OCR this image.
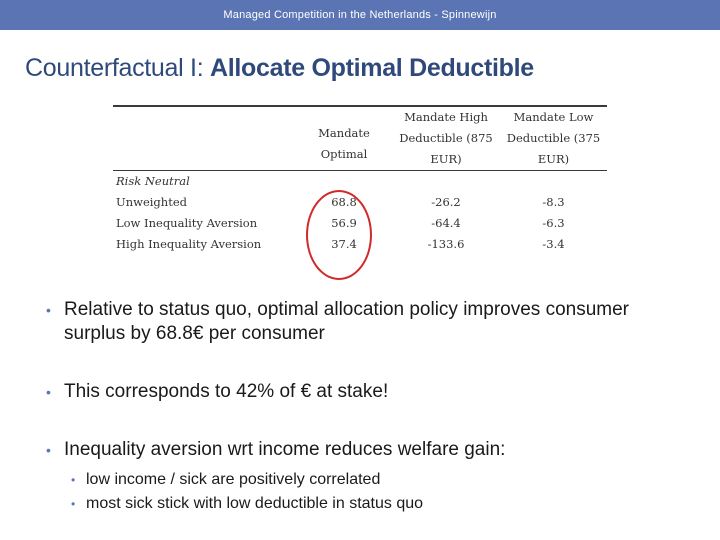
Managed Competition in the Netherlands - Spinnewijn
Counterfactual I: Allocate Optimal Deductible

Mandate
Optimal

Mandate High
Deductible (875
EUR)

Mandate Low
Deductible (375
EUR)
Risk Neutral			
Unweighted	68.8	-26.2	-8.3
Low Inequality Aversion	56.9	-64.4	-6.3
High Inequality Aversion	37.4	-133.6	-3.4
• Relative to status quo, optimal allocation policy improves consumer surplus by 68.8€ per consumer
• This corresponds to 42% of € at stake!
• Inequality aversion wrt income reduces welfare gain:
• low income / sick are positively correlated
• most sick stick with low deductible in status quo
